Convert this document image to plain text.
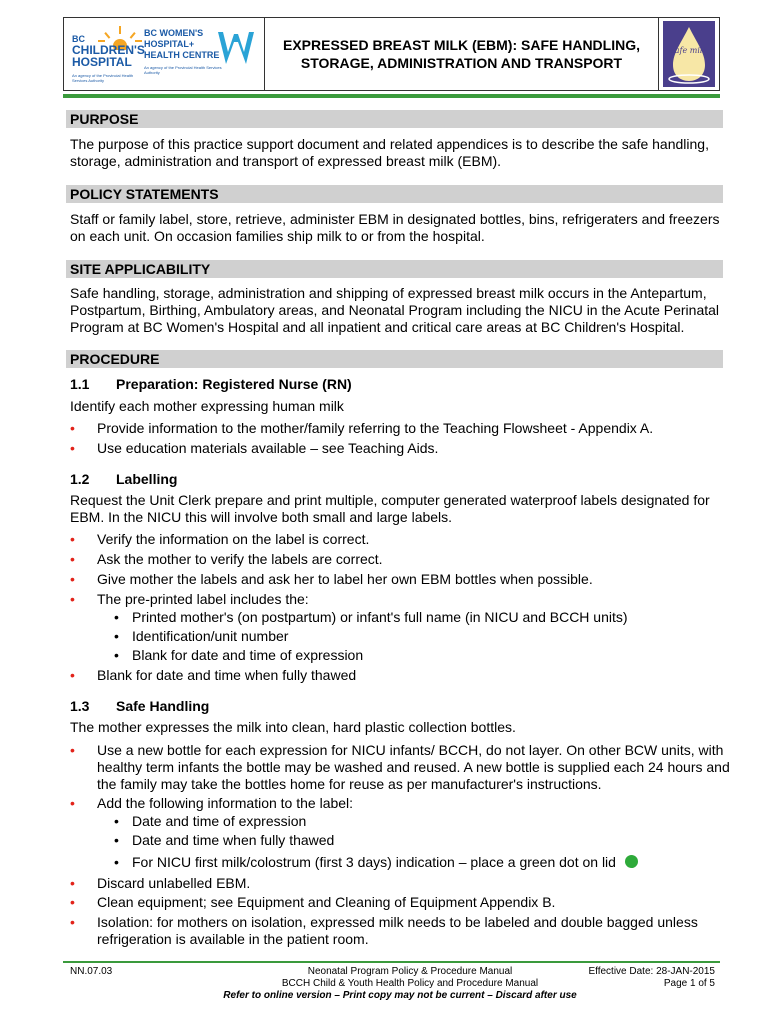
BC
CHILDREN'S
HOSPITAL
An agency of the Provincial Health Services Authority
BC WOMEN'S
HOSPITAL+
HEALTH CENTRE
An agency of the Provincial Health Services Authority
EXPRESSED BREAST MILK (EBM): SAFE HANDLING,
STORAGE, ADMINISTRATION AND TRANSPORT
safe milk
PURPOSE
The purpose of this practice support document and related appendices is to describe the safe handling, storage, administration and transport of expressed breast milk (EBM).
POLICY STATEMENTS
Staff or family label, store, retrieve, administer EBM in designated bottles, bins, refrigeraters and freezers on each unit. On occasion families ship milk to or from the hospital.
SITE APPLICABILITY
Safe handling, storage, administration and shipping of expressed breast milk occurs in the Antepartum, Postpartum, Birthing, Ambulatory areas, and Neonatal Program including the NICU in the Acute Perinatal Program at BC Women's Hospital and all inpatient and critical care areas at BC Children's Hospital.
PROCEDURE
1.1 Preparation: Registered Nurse (RN)
Identify each mother expressing human milk
• Provide information to the mother/family referring to the Teaching Flowsheet - Appendix A.
• Use education materials available – see Teaching Aids.
1.2 Labelling
Request the Unit Clerk prepare and print multiple, computer generated waterproof labels designated for EBM. In the NICU this will involve both small and large labels.
• Verify the information on the label is correct.
• Ask the mother to verify the labels are correct.
• Give mother the labels and ask her to label her own EBM bottles when possible.
• The pre-printed label includes the:
• Printed mother's (on postpartum) or infant's full name (in NICU and BCCH units)
• Identification/unit number
• Blank for date and time of expression
• Blank for date and time when fully thawed
1.3 Safe Handling
The mother expresses the milk into clean, hard plastic collection bottles.
• Use a new bottle for each expression for NICU infants/ BCCH, do not layer. On other BCW units, with healthy term infants the bottle may be washed and reused. A new bottle is supplied each 24 hours and the family may take the bottles home for reuse as per manufacturer's instructions.
• Add the following information to the label:
• Date and time of expression
• Date and time when fully thawed
• For NICU first milk/colostrum (first 3 days) indication – place a green dot on lid
• Discard unlabelled EBM.
• Clean equipment; see Equipment and Cleaning of Equipment Appendix B.
• Isolation: for mothers on isolation, expressed milk needs to be labeled and double bagged unless refrigeration is available in the patient room.
NN.07.03	Neonatal Program Policy & Procedure Manual
BCCH Child & Youth Health Policy and Procedure Manual
Effective Date: 28-JAN-2015
Page 1 of 5
Refer to online version – Print copy may not be current – Discard after use
